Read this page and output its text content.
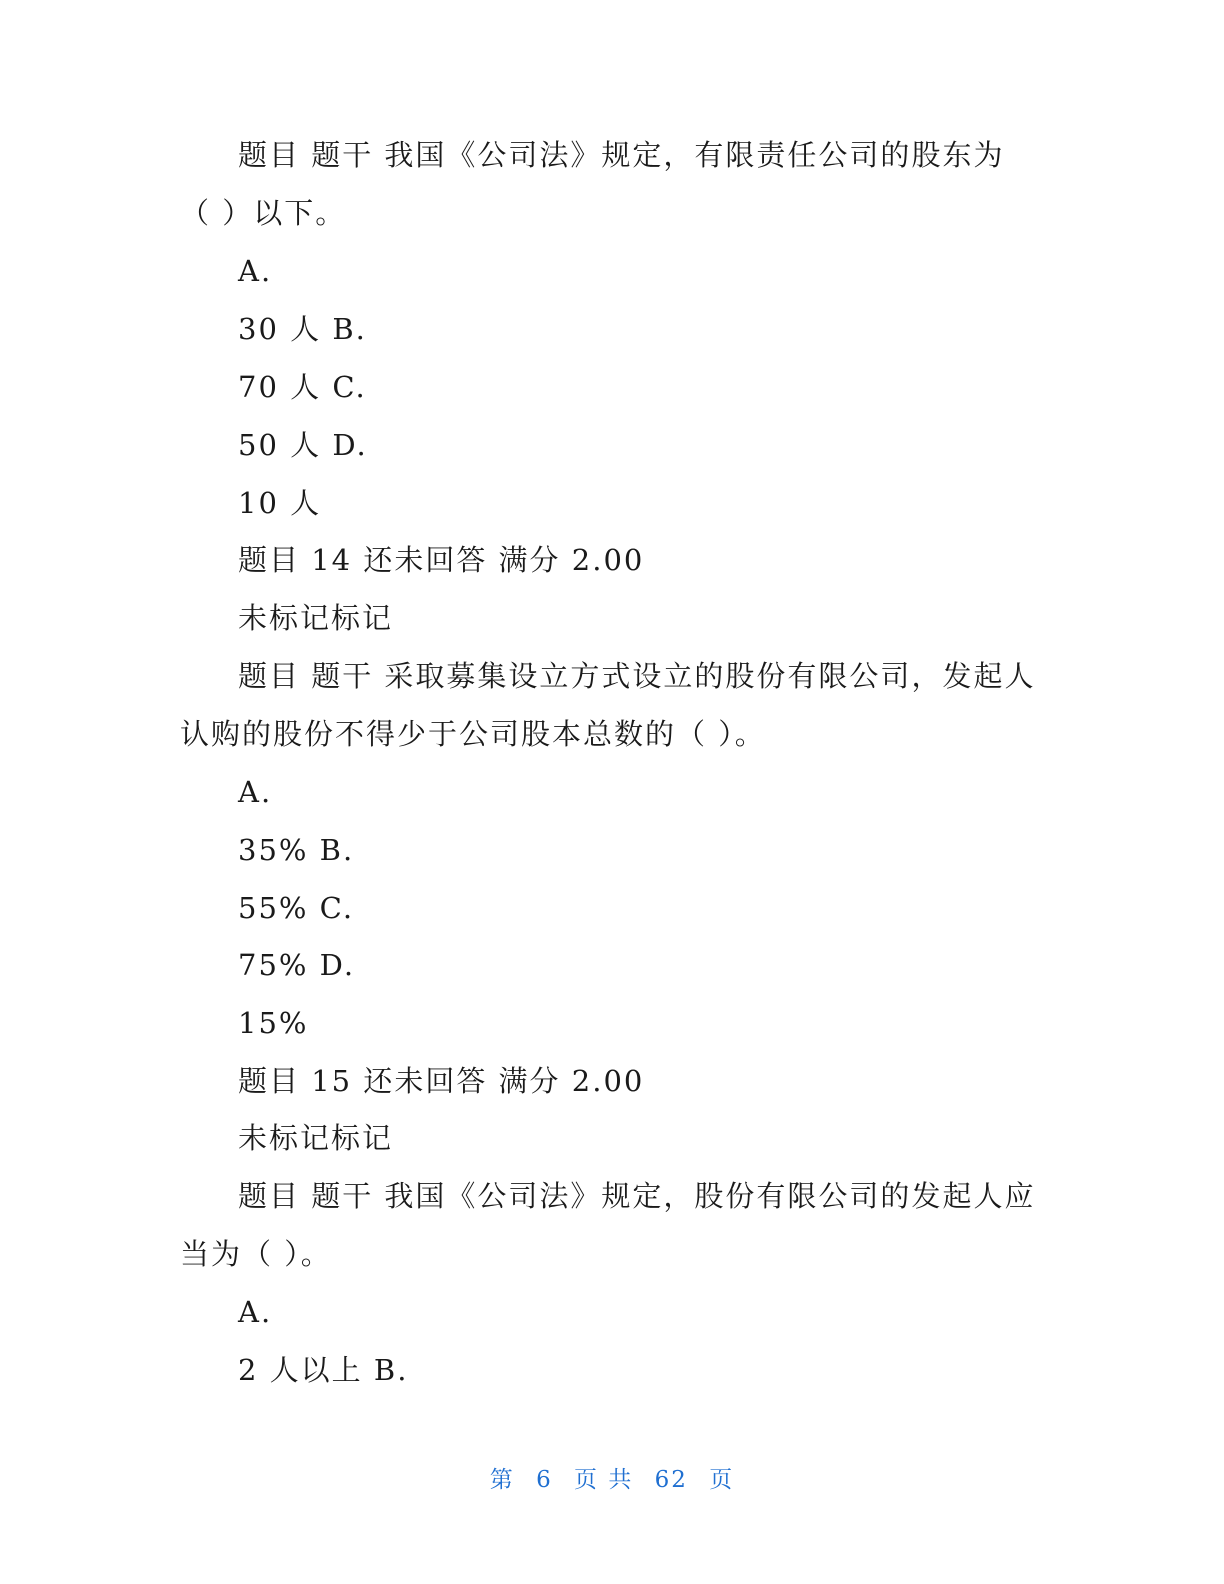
题目 题干 我国《公司法》规定，有限责任公司的股东为
（ ）以下。
A.
30 人 B.
70 人 C.
50 人 D.
10 人
题目 14 还未回答 满分 2.00
未标记标记
题目 题干 采取募集设立方式设立的股份有限公司，发起人
认购的股份不得少于公司股本总数的（ ）。
A.
35% B.
55% C.
75% D.
15%
题目 15 还未回答 满分 2.00
未标记标记
题目 题干 我国《公司法》规定，股份有限公司的发起人应
当为（ ）。
A.
2 人以上 B.
第 6 页 共 62 页
